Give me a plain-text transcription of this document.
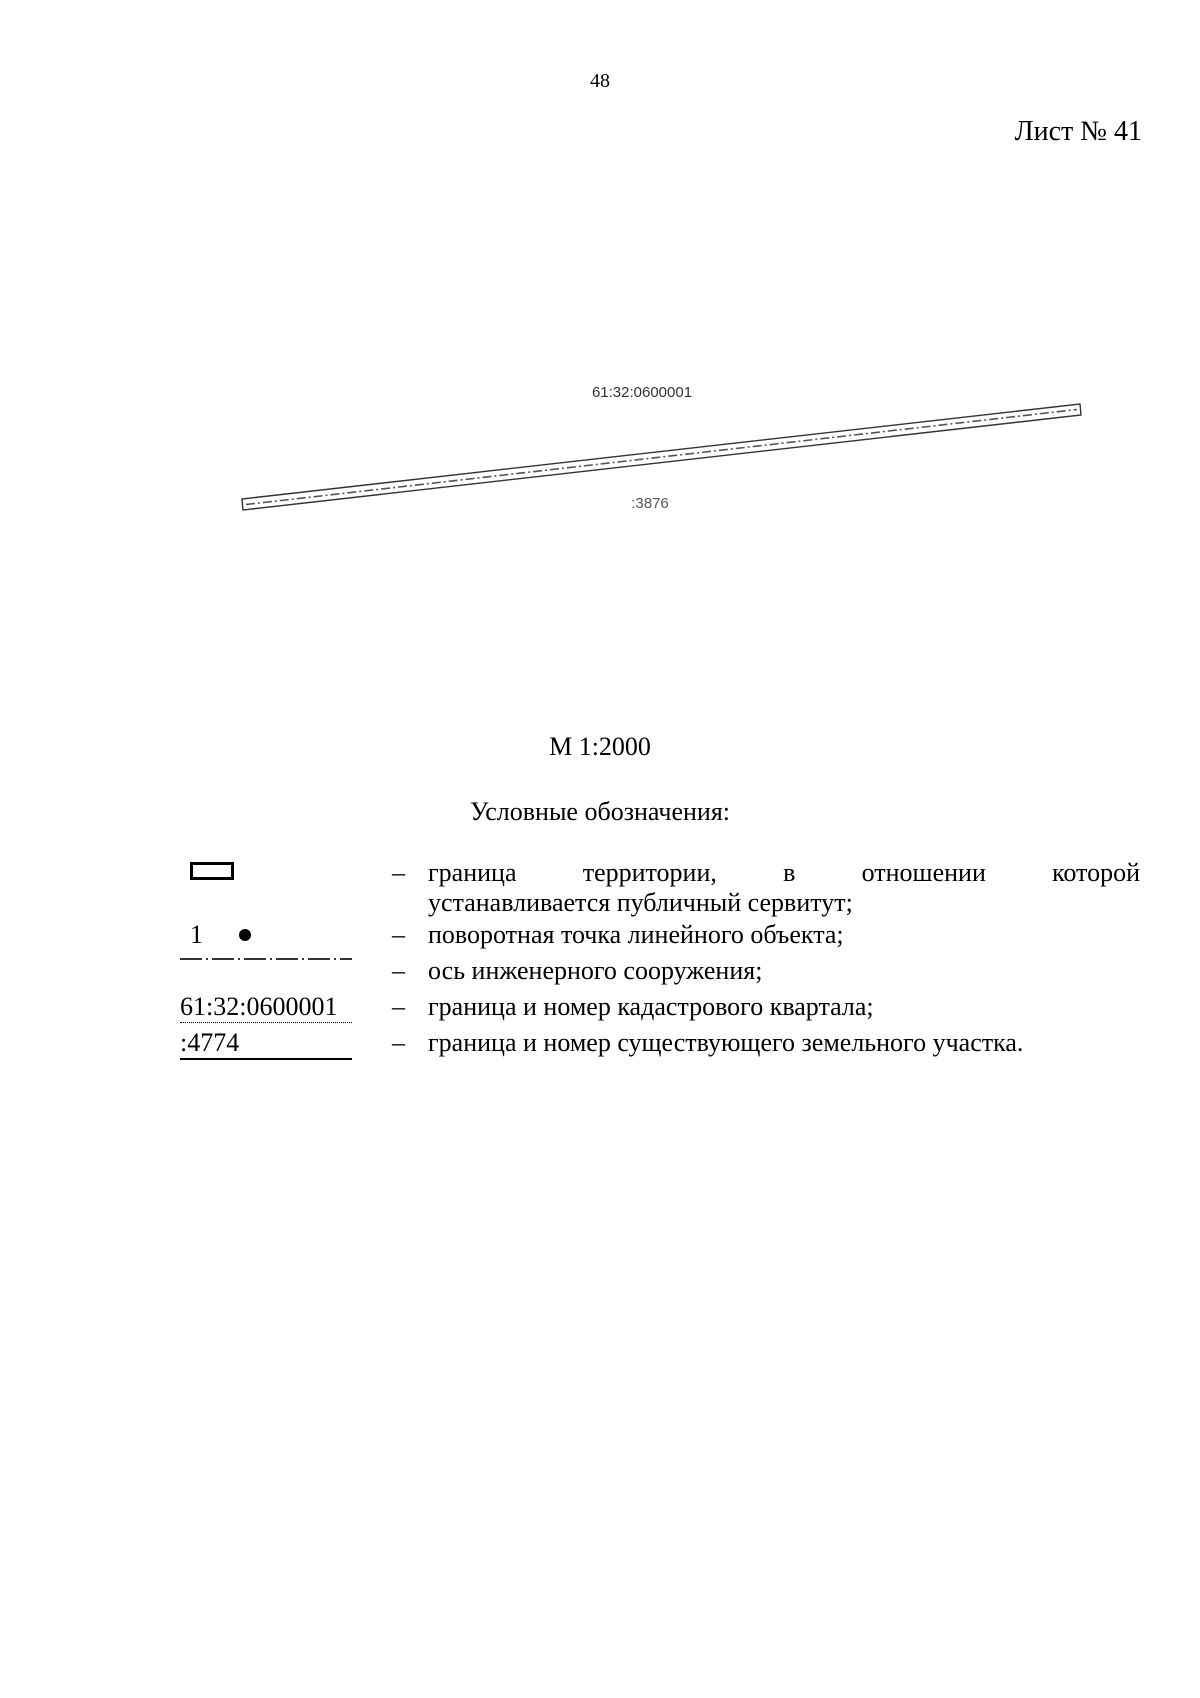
48
Лист № 41
61:32:0600001
:3876
М 1:2000
Условные обозначения:
– граница территории, в отношении которой
устанавливается публичный сервитут;
1	– поворотная точка линейного объекта;
– ось инженерного сооружения;
61:32:0600001	– граница и номер кадастрового квартала;
:4774	– граница и номер существующего земельного участка.
